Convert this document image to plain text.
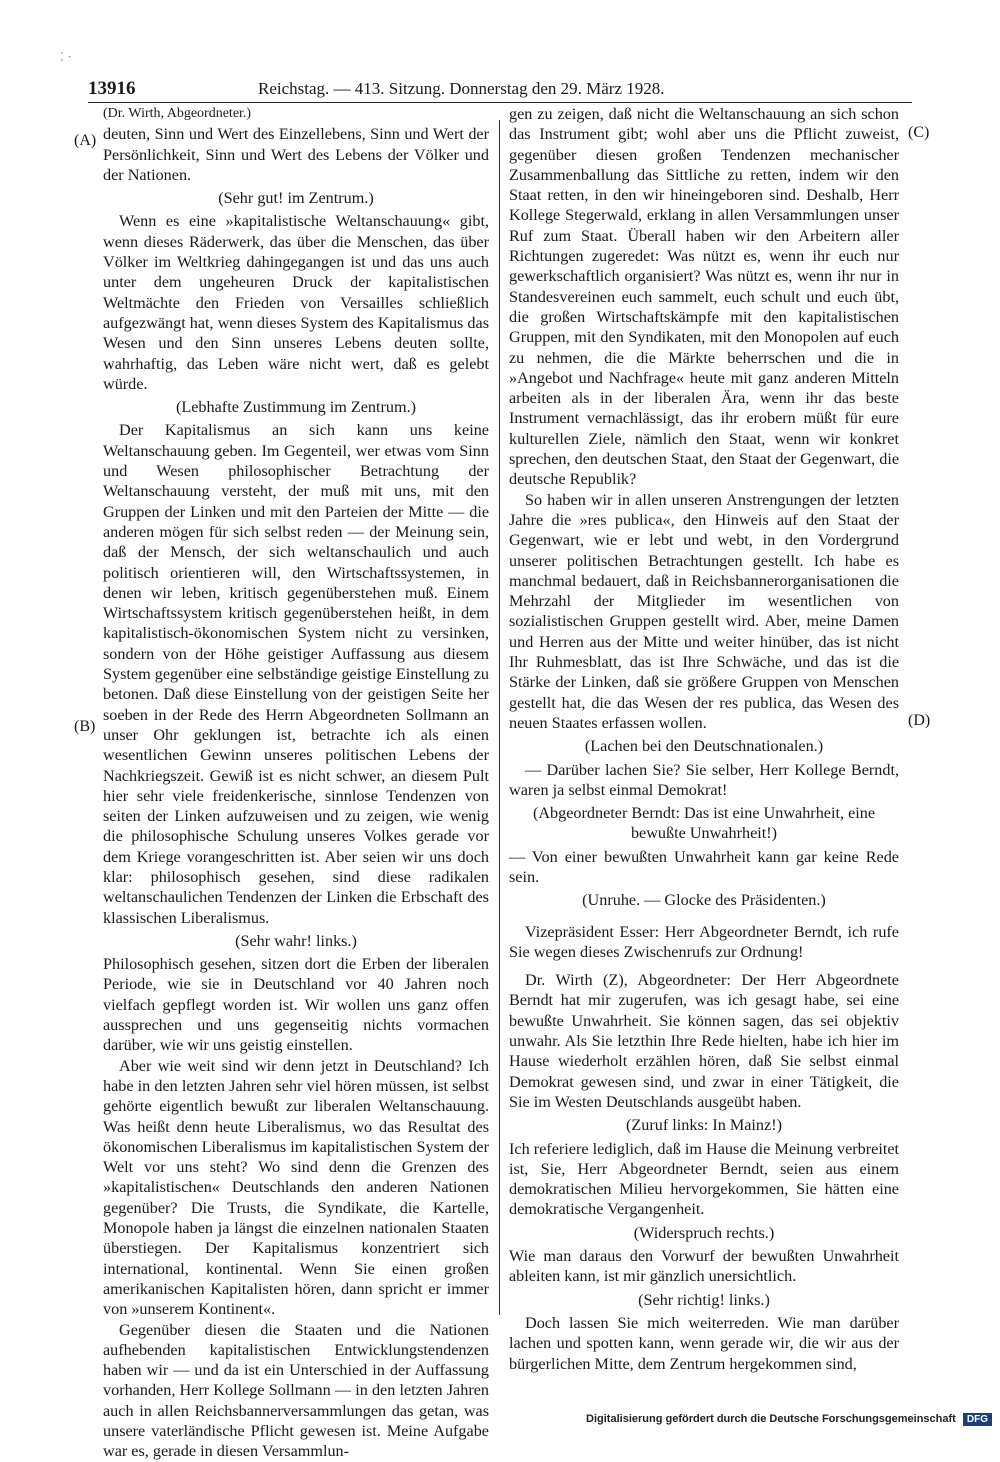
⁚ ·
13916	Reichstag. — 413. Sitzung. Donnerstag den 29. März 1928.
(A)
(B)
(C)
(D)

(Dr. Wirth, Abgeordneter.)

deuten, Sinn und Wert des Einzellebens, Sinn und Wert der Persönlichkeit, Sinn und Wert des Lebens der Völker und der Nationen.

(Sehr gut! im Zentrum.)

Wenn es eine »kapitalistische Weltanschauung« gibt, wenn dieses Räderwerk, das über die Menschen, das über Völker im Weltkrieg dahingegangen ist und das uns auch unter dem ungeheuren Druck der kapitalistischen Weltmächte den Frieden von Versailles schließlich aufgezwängt hat, wenn dieses System des Kapitalismus das Wesen und den Sinn unseres Lebens deuten sollte, wahrhaftig, das Leben wäre nicht wert, daß es gelebt würde.

(Lebhafte Zustimmung im Zentrum.)

Der Kapitalismus an sich kann uns keine Weltanschauung geben. Im Gegenteil, wer etwas vom Sinn und Wesen philosophischer Betrachtung der Weltanschauung versteht, der muß mit uns, mit den Gruppen der Linken und mit den Parteien der Mitte — die anderen mögen für sich selbst reden — der Meinung sein, daß der Mensch, der sich weltanschaulich und auch politisch orientieren will, den Wirtschaftssystemen, in denen wir leben, kritisch gegenüberstehen muß. Einem Wirtschaftssystem kritisch gegenüberstehen heißt, in dem kapitalistisch-ökonomischen System nicht zu versinken, sondern von der Höhe geistiger Auffassung aus diesem System gegenüber eine selbständige geistige Einstellung zu betonen. Daß diese Einstellung von der geistigen Seite her soeben in der Rede des Herrn Abgeordneten Sollmann an unser Ohr geklungen ist, betrachte ich als einen wesentlichen Gewinn unseres politischen Lebens der Nachkriegszeit. Gewiß ist es nicht schwer, an diesem Pult hier sehr viele freidenkerische, sinnlose Tendenzen von seiten der Linken aufzuweisen und zu zeigen, wie wenig die philosophische Schulung unseres Volkes gerade vor dem Kriege vorangeschritten ist. Aber seien wir uns doch klar: philosophisch gesehen, sind diese radikalen weltanschaulichen Tendenzen der Linken die Erbschaft des klassischen Liberalismus.

(Sehr wahr! links.)

Philosophisch gesehen, sitzen dort die Erben der liberalen Periode, wie sie in Deutschland vor 40 Jahren noch vielfach gepflegt worden ist. Wir wollen uns ganz offen aussprechen und uns gegenseitig nichts vormachen darüber, wie wir uns geistig einstellen.

Aber wie weit sind wir denn jetzt in Deutschland? Ich habe in den letzten Jahren sehr viel hören müssen, ist selbst gehörte eigentlich bewußt zur liberalen Weltanschauung. Was heißt denn heute Liberalismus, wo das Resultat des ökonomischen Liberalismus im kapitalistischen System der Welt vor uns steht? Wo sind denn die Grenzen des »kapitalistischen« Deutschlands den anderen Nationen gegenüber? Die Trusts, die Syndikate, die Kartelle, Monopole haben ja längst die einzelnen nationalen Staaten überstiegen. Der Kapitalismus konzentriert sich international, kontinental. Wenn Sie einen großen amerikanischen Kapitalisten hören, dann spricht er immer von »unserem Kontinent«.

Gegenüber diesen die Staaten und die Nationen aufhebenden kapitalistischen Entwicklungstendenzen haben wir — und da ist ein Unterschied in der Auffassung vorhanden, Herr Kollege Sollmann — in den letzten Jahren auch in allen Reichsbannerversammlungen das getan, was unsere vaterländische Pflicht gewesen ist. Meine Aufgabe war es, gerade in diesen Versammlun-

gen zu zeigen, daß nicht die Weltanschauung an sich schon das Instrument gibt; wohl aber uns die Pflicht zuweist, gegenüber diesen großen Tendenzen mechanischer Zusammenballung das Sittliche zu retten, indem wir den Staat retten, in den wir hineingeboren sind. Deshalb, Herr Kollege Stegerwald, erklang in allen Versammlungen unser Ruf zum Staat. Überall haben wir den Arbeitern aller Richtungen zugeredet: Was nützt es, wenn ihr euch nur gewerkschaftlich organisiert? Was nützt es, wenn ihr nur in Standesvereinen euch sammelt, euch schult und euch übt, die großen Wirtschaftskämpfe mit den kapitalistischen Gruppen, mit den Syndikaten, mit den Monopolen auf euch zu nehmen, die die Märkte beherrschen und die in »Angebot und Nachfrage« heute mit ganz anderen Mitteln arbeiten als in der liberalen Ära, wenn ihr das beste Instrument vernachlässigt, das ihr erobern müßt für eure kulturellen Ziele, nämlich den Staat, wenn wir konkret sprechen, den deutschen Staat, den Staat der Gegenwart, die deutsche Republik?

So haben wir in allen unseren Anstrengungen der letzten Jahre die »res publica«, den Hinweis auf den Staat der Gegenwart, wie er lebt und webt, in den Vordergrund unserer politischen Betrachtungen gestellt. Ich habe es manchmal bedauert, daß in Reichsbannerorganisationen die Mehrzahl der Mitglieder im wesentlichen von sozialistischen Gruppen gestellt wird. Aber, meine Damen und Herren aus der Mitte und weiter hinüber, das ist nicht Ihr Ruhmesblatt, das ist Ihre Schwäche, und das ist die Stärke der Linken, daß sie größere Gruppen von Menschen gestellt hat, die das Wesen der res publica, das Wesen des neuen Staates erfassen wollen.

(Lachen bei den Deutschnationalen.)

— Darüber lachen Sie? Sie selber, Herr Kollege Berndt, waren ja selbst einmal Demokrat!

(Abgeordneter Berndt: Das ist eine Unwahrheit, eine bewußte Unwahrheit!)

— Von einer bewußten Unwahrheit kann gar keine Rede sein.

(Unruhe. — Glocke des Präsidenten.)

Vizepräsident Esser: Herr Abgeordneter Berndt, ich rufe Sie wegen dieses Zwischenrufs zur Ordnung!

Dr. Wirth (Z), Abgeordneter: Der Herr Abgeordnete Berndt hat mir zugerufen, was ich gesagt habe, sei eine bewußte Unwahrheit. Sie können sagen, das sei objektiv unwahr. Als Sie letzthin Ihre Rede hielten, habe ich hier im Hause wiederholt erzählen hören, daß Sie selbst einmal Demokrat gewesen sind, und zwar in einer Tätigkeit, die Sie im Westen Deutschlands ausgeübt haben.

(Zuruf links: In Mainz!)

Ich referiere lediglich, daß im Hause die Meinung verbreitet ist, Sie, Herr Abgeordneter Berndt, seien aus einem demokratischen Milieu hervorgekommen, Sie hätten eine demokratische Vergangenheit.

(Widerspruch rechts.)

Wie man daraus den Vorwurf der bewußten Unwahrheit ableiten kann, ist mir gänzlich unersichtlich.

(Sehr richtig! links.)

Doch lassen Sie mich weiterreden. Wie man darüber lachen und spotten kann, wenn gerade wir, die wir aus der bürgerlichen Mitte, dem Zentrum hergekommen sind,

Digitalisierung gefördert durch die Deutsche Forschungsgemeinschaft DFG
